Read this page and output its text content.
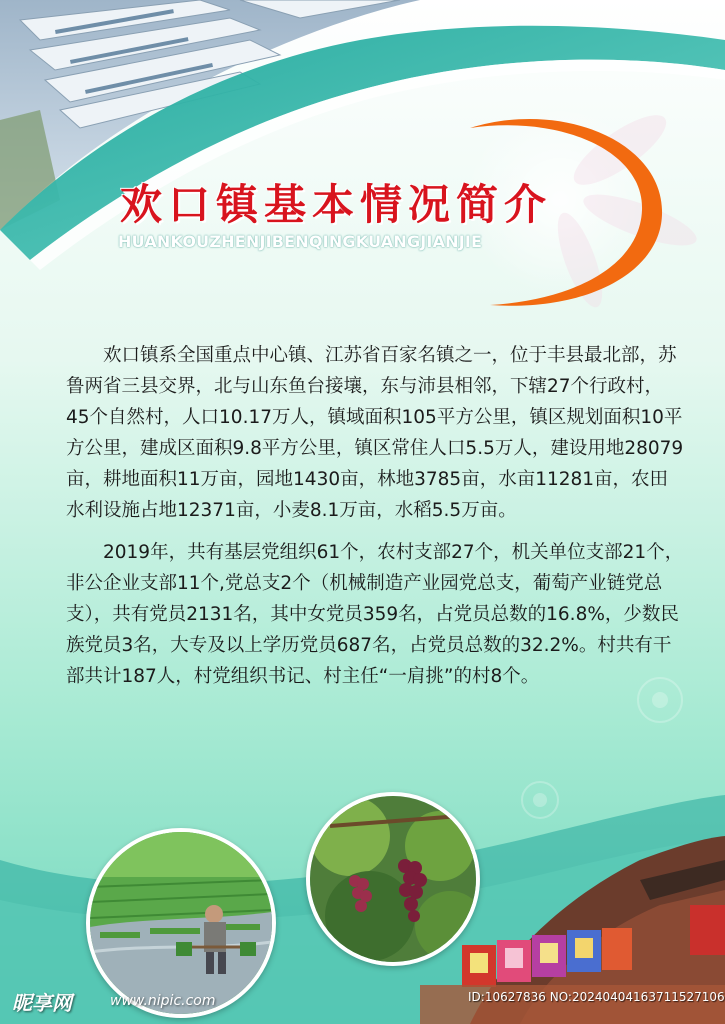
欢口镇基本情况简介
HUANKOUZHENJIBENQINGKUANGJIANJIE

欢口镇系全国重点中心镇、江苏省百家名镇之一，位于丰县最北部，苏鲁两省三县交界，北与山东鱼台接壤，东与沛县相邻，下辖27个行政村，45个自然村，人口10.17万人，镇域面积105平方公里，镇区规划面积10平方公里，建成区面积9.8平方公里，镇区常住人口5.5万人，建设用地28079亩，耕地面积11万亩，园地1430亩，林地3785亩，水亩11281亩，农田水利设施占地12371亩，小麦8.1万亩，水稻5.5万亩。

2019年，共有基层党组织61个，农村支部27个，机关单位支部21个，非公企业支部11个,党总支2个（机械制造产业园党总支，葡萄产业链党总支），共有党员2131名，其中女党员359名，占党员总数的16.8%，少数民族党员3名，大专及以上学历党员687名，占党员总数的32.2%。村共有干部共计187人，村党组织书记、村主任“一肩挑”的村8个。

昵享网	www.nipic.com	ID:10627836 NO:20240404163711527106
